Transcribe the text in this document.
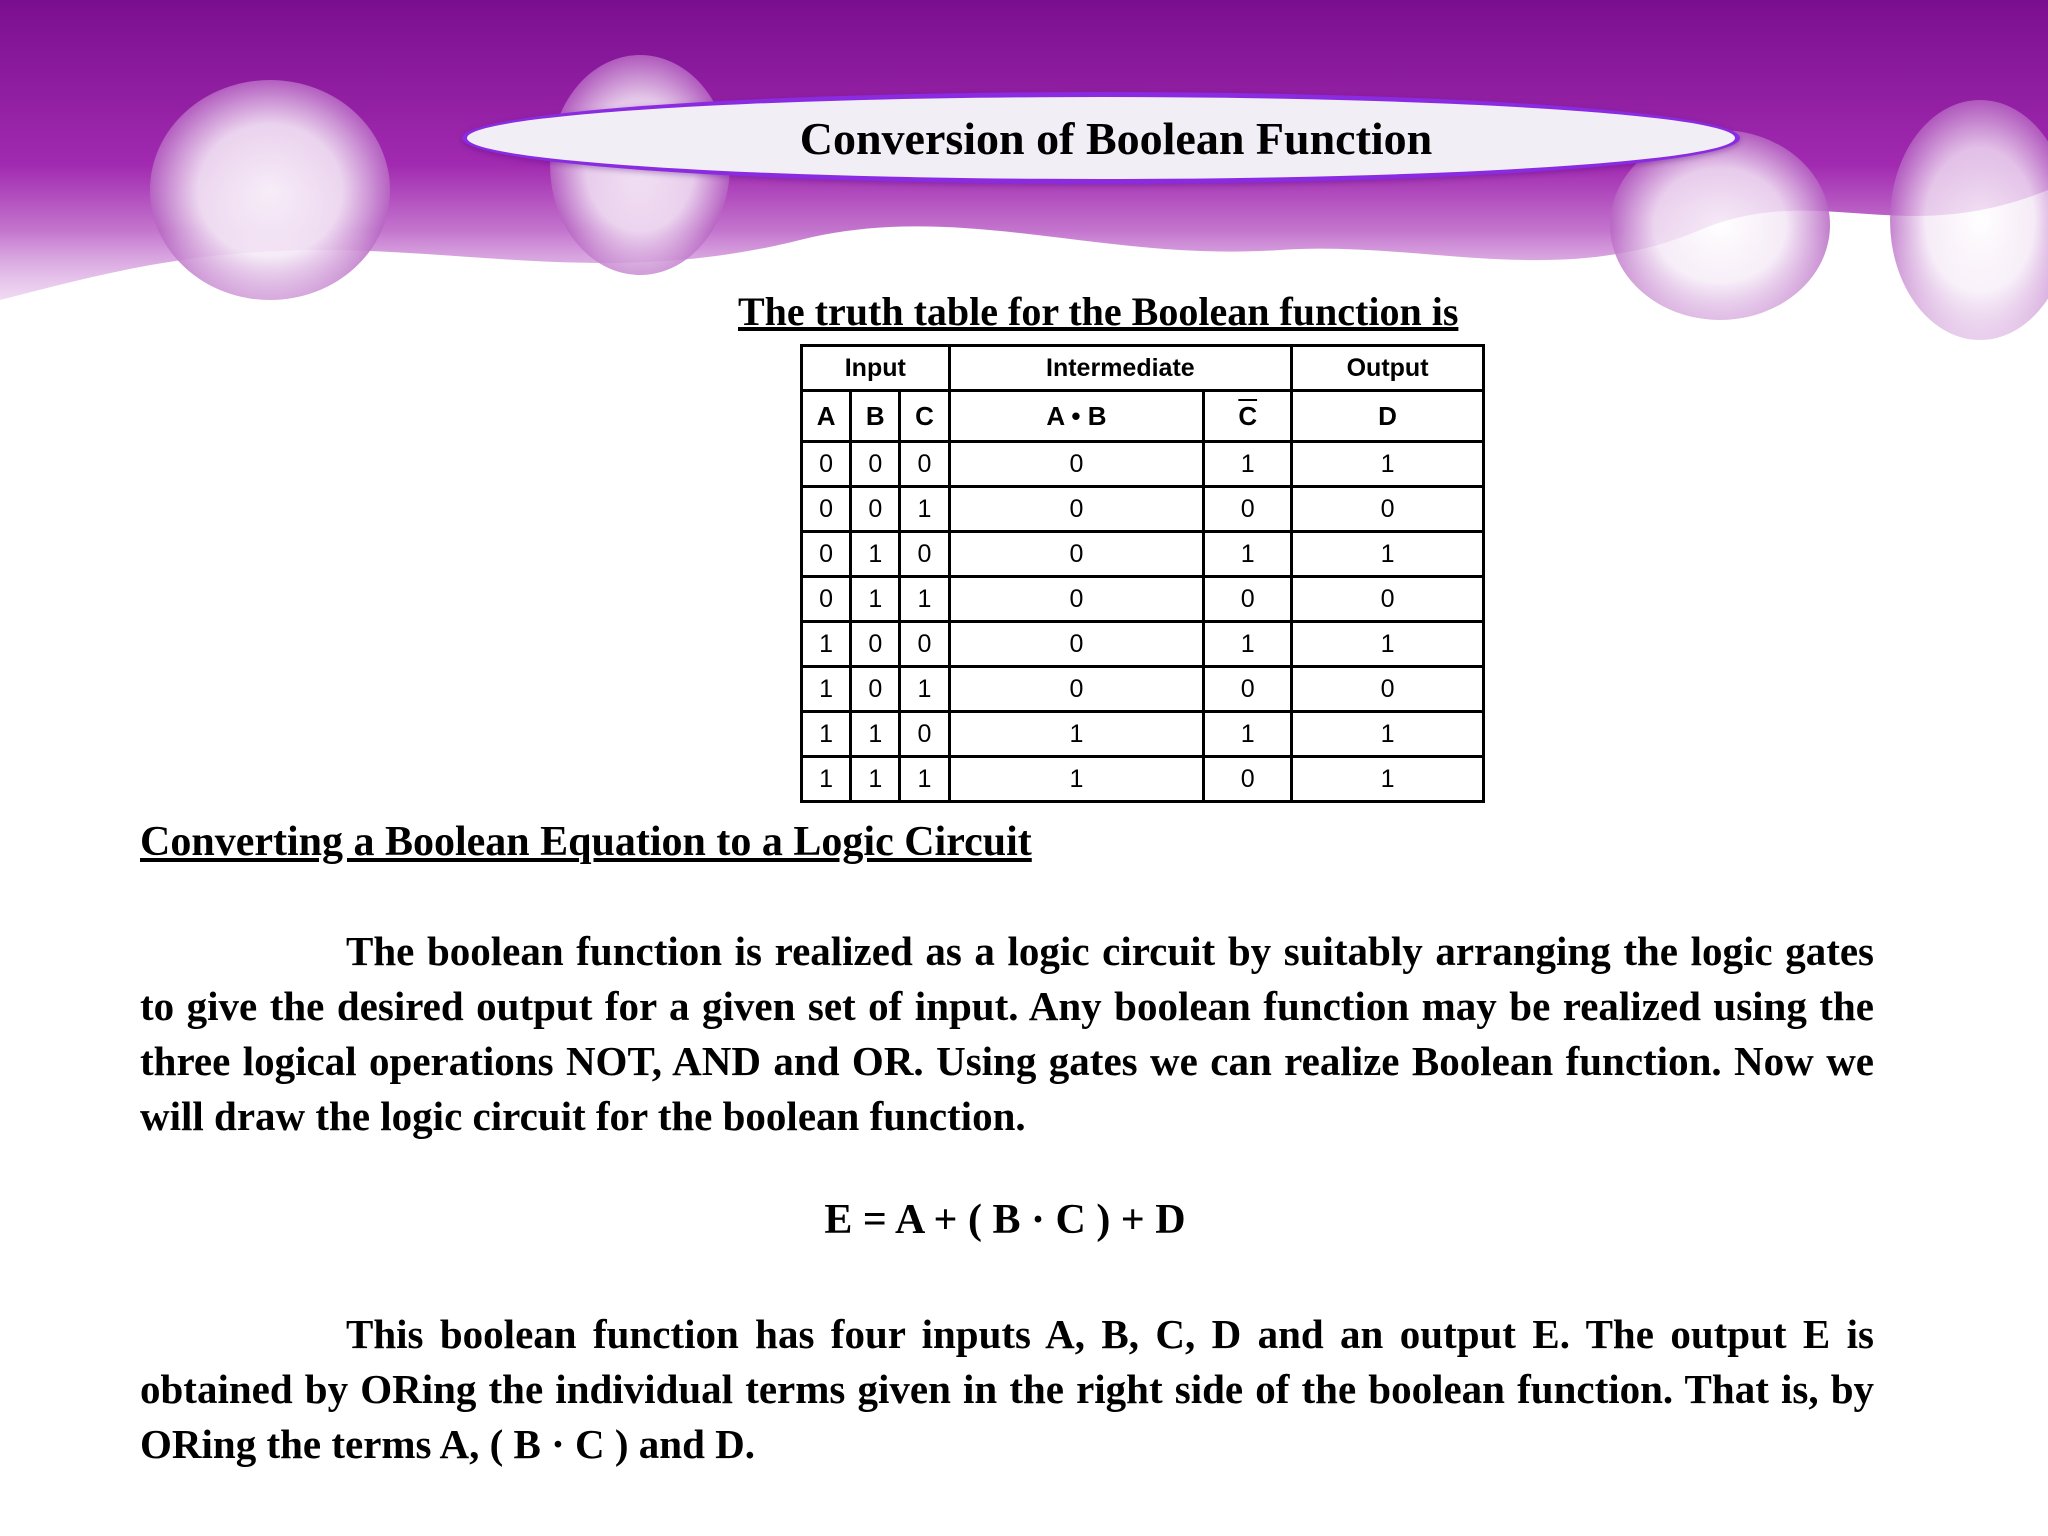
Conversion of Boolean Function
The truth table for the Boolean function is
Input			Intermediate		Output
A	B	C	A • B	$\overline{C}$	D
0	0	0	0	1	1
0	0	1	0	0	0
0	1	0	0	1	1
0	1	1	0	0	0
1	0	0	0	1	1
1	0	1	0	0	0
1	1	0	1	1	1
1	1	1	1	0	1
Converting a Boolean Equation to a Logic Circuit
The boolean function is realized as a logic circuit by suitably arranging the logic gates to give the desired output for a given set of input. Any boolean function may be realized using the three logical operations NOT, AND and OR. Using gates we can realize Boolean function. Now we will draw the logic circuit for the boolean function.
E = A + ( B · C ) + D
This boolean function has four inputs A, B, C, D and an output E. The output E is obtained by ORing the individual terms given in the right side of the boolean function. That is, by ORing the terms A, ( B · C ) and D.
